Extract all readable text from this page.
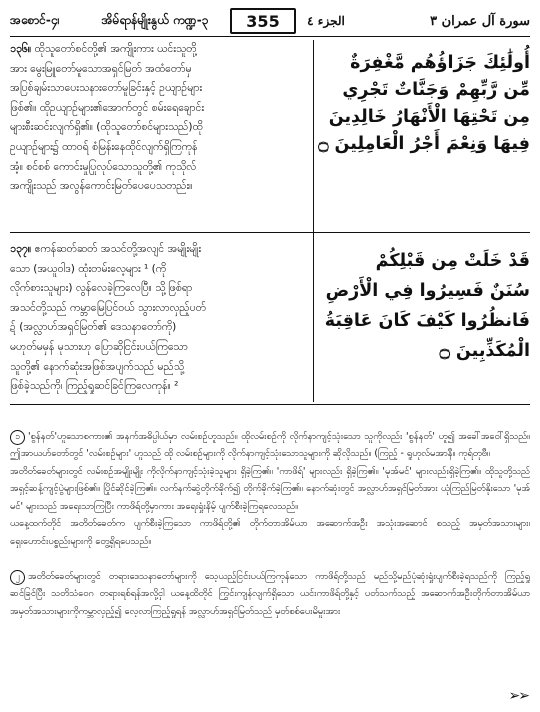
အစောင်-၄၊	အိမ်ရာန်မျိုးနွယ် ကဏ္ဍ-၃	355	الجزء ٤	سورة آل عمران ٣
၁၃၆။ ထိုသူတော်စင်တို့၏ အကျိုးကား ယင်းသူတို့
အား မွေးမြူတော်မူသောအရှင်မြတ် အထံတော်မှ
အပြစ်ချမ်းသာပေးသနားတော်မူခြင်းနှင့် ဥယျာဉ်များ
ဖြစ်၏။ ထိုဥယျာဉ်များ၏အောက်တွင် စမ်းရေချောင်း
များစီးဆင်းလျက်ရှိ၏။ (ထိုသူတော်စင်များသည်)ထို
ဥယျာဉ်များ၌ ထာဝရ် စံမြန်းနေထိုင်လျက်ရှိကြကုန်
အံ့။ စင်စစ် ကောင်းမှုပြုလုပ်သောသူတို့၏ ကုသိုလ်
အကျိုးသည် အလွန်ကောင်းမြတ်ပေပေသတည်း။
أُولَٰئِكَ جَزَاؤُهُم مَّغْفِرَةٌ
مِّن رَّبِّهِمْ وَجَنَّاتٌ تَجْرِي
مِن تَحْتِهَا الْأَنْهَارُ خَالِدِينَ
فِيهَا وَنِعْمَ أَجْرُ الْعَامِلِينَ ۝
၁၃၇။ ဧကန်ဆတ်ဆတ် အသင်တို့အလျင် အမျိုးမျိုး
သော (အယူဝါဒ) ထုံးတမ်းလေ့များ ¹ (ကို
လိုက်စားသူများ) လွန်လေခဲ့ကြလေပြီ။ သို့ဖြစ်ရာ
အသင်တို့သည် ကမ္ဘာမြေပြင်ဝယ် သွားလာလှည့်ပတ်
ဍ် (အလ္လာဟ်အရှင်မြတ်၏ ဒေသနာတော်ကို)
မဟုတ်မမှန် မုသားဟု ပြောဆိုငြင်းပယ်ကြသော
သူတို့၏ နောက်ဆုံးအဖြစ်အပျက်သည် မည်သို့
ဖြစ်ခဲ့သည်ကို၊ ကြည့်ရှုဆင်ခြင်ကြလေကုန်။ ²
قَدْ خَلَتْ مِن قَبْلِكُمْ
سُنَنٌ فَسِيرُوا فِي الْأَرْضِ
فَانظُرُوا كَيْفَ كَانَ عَاقِبَةُ
الْمُكَذِّبِينَ ۝

၁ 'စွန်နတ်'ဟူသောစကား၏ အနက်အဓိပ္ပါယ်မှာ လမ်းစဉ်ဟူသည်။ ထိုလမ်းစဉ်ကို လိုက်နာကျင့်သုံးသော သူကိုလည်း 'စွန်နတ်' ဟူ၍ အခေါ်အဝေါ်ရှိသည်။ ဤအာယဟ်တော်တွင် 'လမ်းစဉ်များ' ဟူသည် ထို လမ်းစဉ်များကို လိုက်နာကျင့်သုံးသောသူများကို ဆိုလိုသည်။ (ကြည့် - ရူဟုလ်မအာနီ။ ကုရ်တုဗီ။
အတိတ်ခေတ်များတွင် လမ်းစဉ်အမျိုးမျိုး ကိုလိုက်နာကျင့်သုံးခဲ့သူများ ရှိခဲ့ကြ၏။ 'ကာဖိရ်' များလည်း ရှိခဲ့ကြ၏။ 'မုအ်မင်' များလည်းရှိခဲ့ကြ၏။ ထိုသူတို့သည် အရှင့်ဆန့်ကျင့်ပွဲများဖြစ်၏။ ပြိုင်ဆိုင်ခဲ့ကြ၏။ လက်နက်ဆွဲတိုက်ခိုက်၍ တိုက်ခိုက်ခဲ့ကြ၏။ နောက်ဆုံးတွင် အလ္လာဟ်အရှင်မြတ်အား ယုံကြည်မြတ်နိုးသော 'မုအ်မင်' များသည် အရေးသာကြပြီး ကာဖိရ်တို့မှာကား အရေးရှုံးနိမ့် ပျက်စီးခဲ့ကြရလေသည်။
ယနေ့ထက်တိုင် အတိတ်ခေတ်က ပျက်စီးခဲ့ကြသော ကာဖိရ်တို့၏ တိုက်တာအိမ်ယာ အဆောက်အဦး အသုံးအဆောင် စသည့် အမှတ်အသားများ၊ ရှေးဟောင်းပစ္စည်းများကို တွေ့ရှိရပေသည်။

၂ အတိတ်ခေတ်များတွင် တရားဒေသနာတော်များကို သေ့ယည့်ငြင်းပယ်ကြကုန်သော ကာဖိရ်တို့သည် မည်သို့မည်ပုံဆုံးရှုံးပျက်စီးခဲ့ရသည်ကို ကြည့်ရှုဆင်ခြင်ပြီး သတိသံဝေဂ တရားရစ်ရန်အလို့ငှါ ယနေ့ထိတိုင် ကြွင်းကျန်လျက်ရှိသော ယင်းကာဖိရ်တို့နှင့် ပတ်သက်သည့် အဆောက်အဦးတိုက်တာအိမ်ယာ အမှတ်အသားများကိုကမ္ဘာလှည့်၍ လေ့လာကြည့်ရှုရန် အလ္လာဟ်အရှင်မြတ်သည် မှတ်စစ်ပေးမိမူးအား

➢➢
